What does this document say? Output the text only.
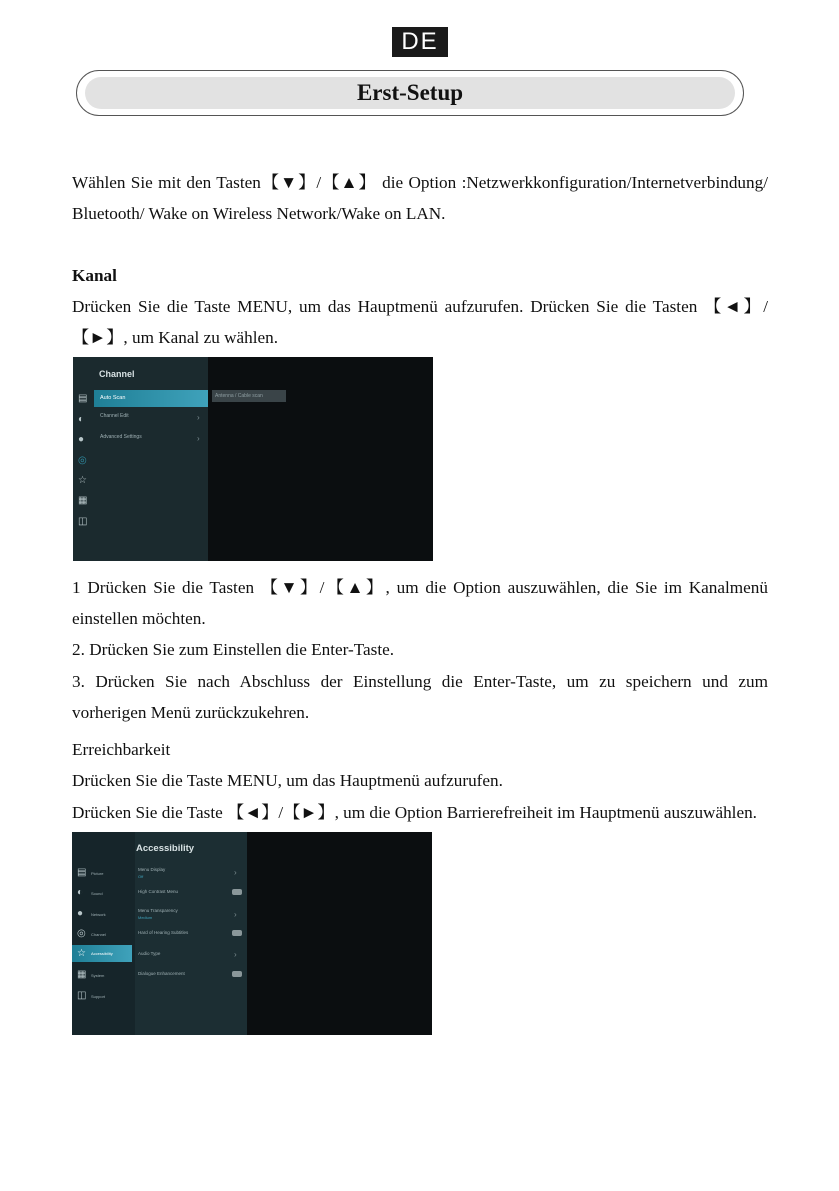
DE
Erst-Setup

Wählen Sie mit den Tasten【▼】/【▲】 die Option :Netzwerkkonfiguration/Internetverbindung/

Bluetooth/ Wake on Wireless Network/Wake on LAN.

Kanal

Drücken Sie die Taste MENU, um das Hauptmenü aufzurufen. Drücken Sie die Tasten 【◄】/

【►】, um Kanal zu wählen.

Channel
▤
◐
●
◎
☆
▦
◫
Auto Scan
Channel Edit	›
Advanced Settings	›
Antenna / Cable scan

1 Drücken Sie die Tasten 【▼】/【▲】, um die Option auszuwählen, die Sie im Kanalmenü

einstellen möchten.

2. Drücken Sie zum Einstellen die Enter-Taste.

3. Drücken Sie nach Abschluss der Einstellung die Enter-Taste, um zu speichern und zum

vorherigen Menü zurückzukehren.

Erreichbarkeit

Drücken Sie die Taste MENU, um das Hauptmenü aufzurufen.

Drücken Sie die Taste 【◄】/【►】, um die Option Barrierefreiheit im Hauptmenü auszuwählen.

Accessibility
▤ Picture
◐ Sound
● Network
◎ Channel
Accessibility
☆
▦ System
◫ Support
Menu Display
Off	›
High Contrast Menu
Menu Transparency
Medium	›
Hard of Hearing Subtitles
Audio Type	›
Dialogue Enhancement
